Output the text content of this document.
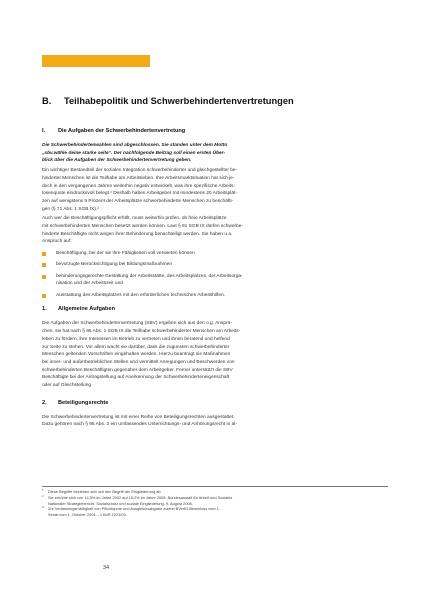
B. Teilhabepolitik und Schwerbehindertenvertretungen
I. Die Aufgaben der Schwerbehindertenvertretung

Die Schwerbehindertenwahlen sind abgeschlossen. Sie standen unter dem Motto
„sbv.wähle deine starke seite“. Der nachfolgende Beitrag soll einen ersten Über-
blick über die Aufgaben der Schwerbehindertenvertretung geben.

Ein wichtiger Bestandteil der sozialen Integration schwerbehinderter und gleichgestellter be-
hinderter Menschen ist die Teilhabe am Arbeitsleben. Ihre Arbeitsmarktsituation hat sich je-
doch in den vergangenen Jahren weiterhin negativ entwickelt, was ihre spezifische Arbeits-
losenquote eindrucksvoll belegt.¹ Deshalb haben Arbeitgeber mit mindestens 20 Arbeitsplät-
zen auf wenigstens 5 Prozent der Arbeitsplätze schwerbehinderte Menschen zu beschäfti-
gen (§ 71 Abs. 1 SGB IX).²

Auch wer die Beschäftigungspflicht erfüllt, muss weiterhin prüfen, ob freie Arbeitsplätze
mit schwerbehinderten Menschen besetzt werden können. Laut § 81 SGB IX dürfen schwerbe-
hinderte Beschäftigte nicht wegen ihrer Behinderung benachteiligt werden. Sie haben u.a.
Anspruch auf:

Beschäftigung, bei der sie ihre Fähigkeiten voll verwerten können
bevorzugte Berücksichtigung bei Bildungsmaßnahmen
behinderungsgerechte Gestaltung der Arbeitsstätte, des Arbeitsplatzes, der Arbeitsorga-
nisation und der Arbeitszeit und
Ausstattung des Arbeitsplatzes mit den erforderlichen technischen Arbeitshilfen.
1. Allgemeine Aufgaben

Die Aufgaben der Schwerbehindertenvertretung (SBV) ergeben sich aus den o.g. Ansprü-
chen, sie hat nach § 95 Abs. 1 SGB IX die Teilhabe schwerbehinderter Menschen am Arbeits-
leben zu fördern, ihre Interessen im Betrieb zu vertreten und ihnen beratend und helfend
zur Seite zu stehen. Vor allem wacht sie darüber, dass die zugunsten schwerbehinderter
Menschen geltenden Vorschriften eingehalten werden. Hierzu beantragt sie Maßnahmen
bei inner- und außerbetrieblichen Stellen und vermittelt Anregungen und Beschwerden von
schwerbehinderten Beschäftigten gegenüber dem Arbeitgeber. Ferner unterstützt die SBV
Beschäftigte bei der Antragstellung auf Anerkennung der Schwerbehinderteneigenschaft
oder auf Gleichstellung.

2. Beteiligungsrechte

Die Schwerbehindertenvertretung ist mit einer Reihe von Beteiligungsrechten ausgestattet.
Dazu gehören nach § 95 Abs. 2 ein umfassendes Unterrichtungs- und Anhörungsrecht in al-

1 Diese Begriffe beziehen sich auf den Begriff der Eingliederung ab.
2 Sie erhöhte sich von 14,5% im Jahre 2002 auf 15,2% im Jahre 2005: Bundesanstalt für Arbeit und Soziales
Nationaler Strategiebericht: Sozialschutz und soziale Eingliederung, 9. August 2006.
3 Zur Verfassungsmäßigkeit von Pflichtquote und Ausgleichsabgabe zuletzt BVerfG-Beschluss vom 1.
Senat vom 1. Oktober 2004 – 1 BvR 2221/03.
34
